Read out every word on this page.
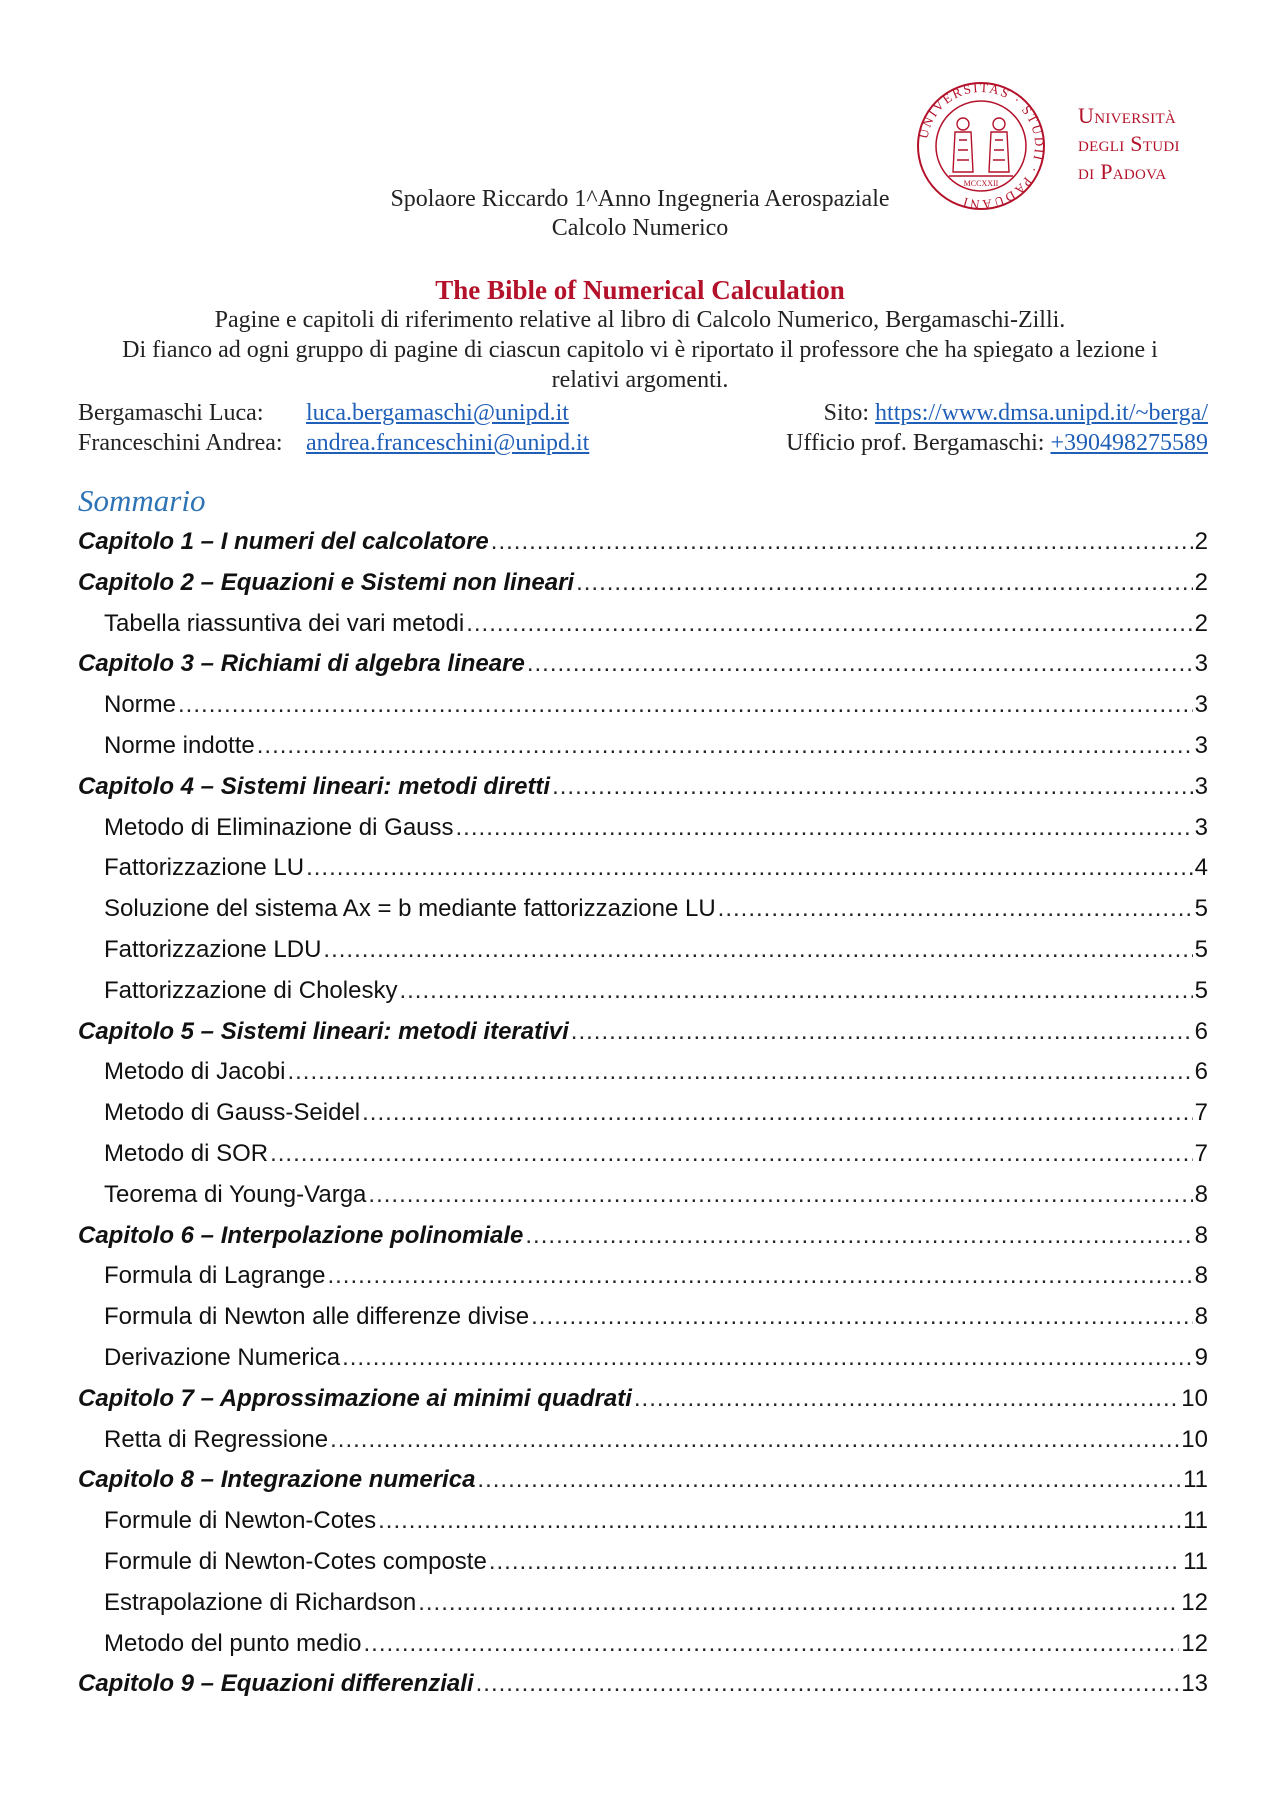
UNIVERSITAS · STUDII · PADUANI
MCCXXII
Università
degli Studi
di Padova
Spolaore Riccardo 1^Anno Ingegneria Aerospaziale
Calcolo Numerico
The Bible of Numerical Calculation
Pagine e capitoli di riferimento relative al libro di Calcolo Numerico, Bergamaschi-Zilli.
Di fianco ad ogni gruppo di pagine di ciascun capitolo vi è riportato il professore che ha spiegato a lezione i
relativi argomenti.
Bergamaschi Luca: luca.bergamaschi@unipd.it	Sito: https://www.dmsa.unipd.it/~berga/
Franceschini Andrea: andrea.franceschini@unipd.it	Ufficio prof. Bergamaschi: +390498275589
Sommario
Capitolo 1 – I numeri del calcolatore .....	2
Capitolo 2 – Equazioni e Sistemi non lineari .....	2
Tabella riassuntiva dei vari metodi .....	2
Capitolo 3 – Richiami di algebra lineare .....	3
Norme .....	3
Norme indotte .....	3
Capitolo 4 – Sistemi lineari: metodi diretti .....	3
Metodo di Eliminazione di Gauss .....	3
Fattorizzazione LU .....	4
Soluzione del sistema Ax = b mediante fattorizzazione LU .....	5
Fattorizzazione LDU .....	5
Fattorizzazione di Cholesky .....	5
Capitolo 5 – Sistemi lineari: metodi iterativi .....	6
Metodo di Jacobi .....	6
Metodo di Gauss-Seidel .....	7
Metodo di SOR .....	7
Teorema di Young-Varga .....	8
Capitolo 6 – Interpolazione polinomiale .....	8
Formula di Lagrange .....	8
Formula di Newton alle differenze divise .....	8
Derivazione Numerica .....	9
Capitolo 7 – Approssimazione ai minimi quadrati .....	10
Retta di Regressione .....	10
Capitolo 8 – Integrazione numerica .....	11
Formule di Newton-Cotes .....	11
Formule di Newton-Cotes composte .....	11
Estrapolazione di Richardson .....	12
Metodo del punto medio .....	12
Capitolo 9 – Equazioni differenziali .....	13
